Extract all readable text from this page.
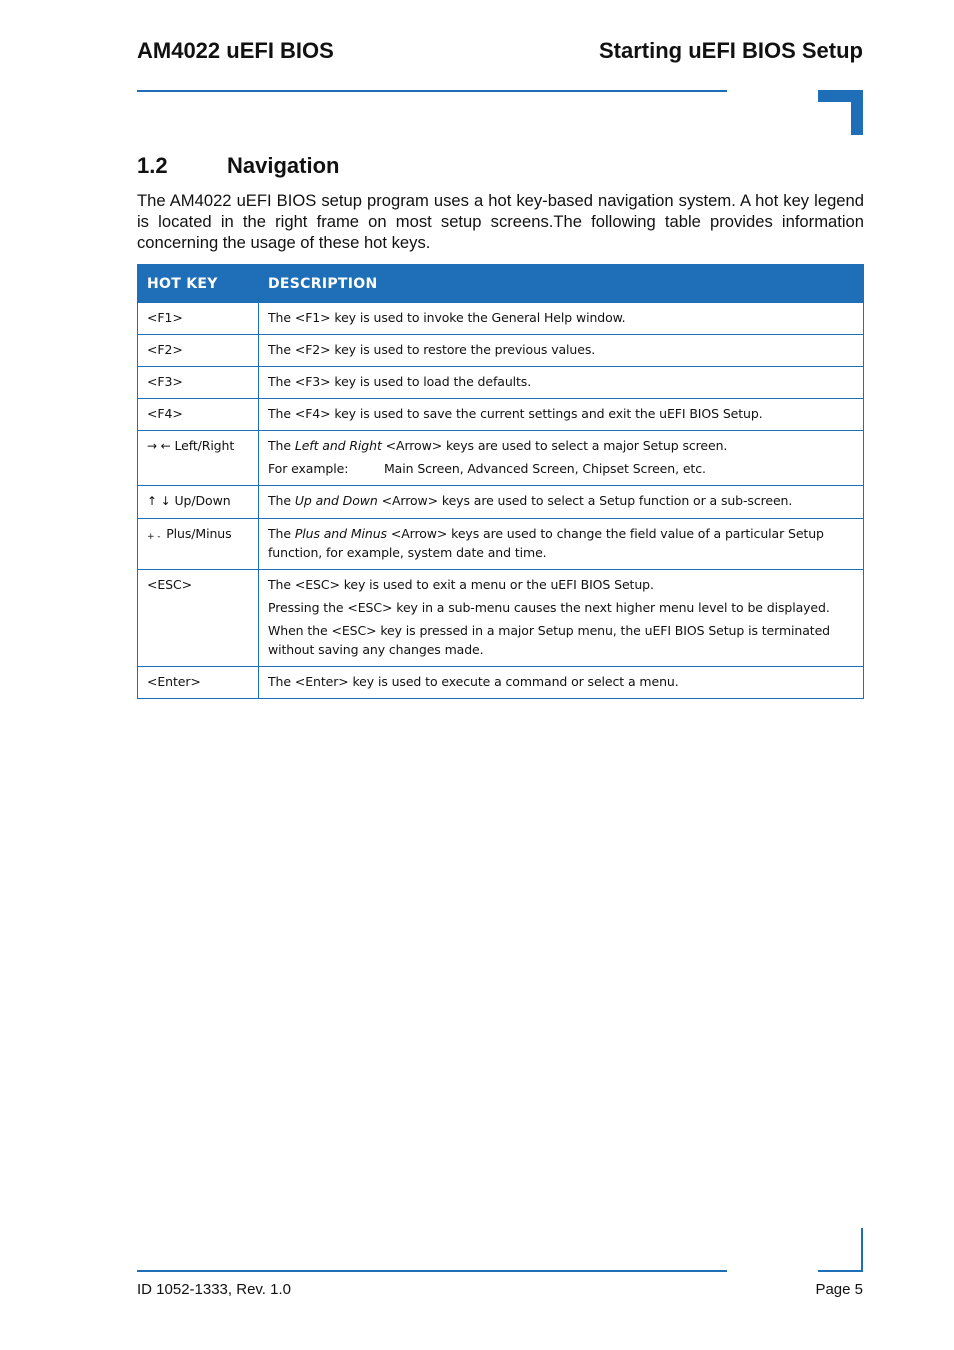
AM4022 uEFI BIOS	Starting uEFI BIOS Setup
1.2	Navigation
The AM4022 uEFI BIOS setup program uses a hot key-based navigation system. A hot key legend is located in the right frame on most setup screens.The following table provides information concerning the usage of these hot keys.
HOT KEY	DESCRIPTION
<F1>	The <F1> key is used to invoke the General Help window.

<F2>	The <F2> key is used to restore the previous values.

<F3>	The <F3> key is used to load the defaults.

<F4>	The <F4> key is used to save the current settings and exit the uEFI BIOS Setup.

→ ← Left/Right	The Left and Right <Arrow> keys are used to select a major Setup screen.
For example: Main Screen, Advanced Screen, Chipset Screen, etc.

↑ ↓ Up/Down	The Up and Down <Arrow> keys are used to select a Setup function or a sub-screen.

+ - Plus/Minus	The Plus and Minus <Arrow> keys are used to change the field value of a particular Setup function, for example, system date and time.

<ESC>	The <ESC> key is used to exit a menu or the uEFI BIOS Setup.
Pressing the <ESC> key in a sub-menu causes the next higher menu level to be displayed.
When the <ESC> key is pressed in a major Setup menu, the uEFI BIOS Setup is terminated without saving any changes made.

<Enter>	The <Enter> key is used to execute a command or select a menu.
ID 1052-1333, Rev. 1.0	Page 5
